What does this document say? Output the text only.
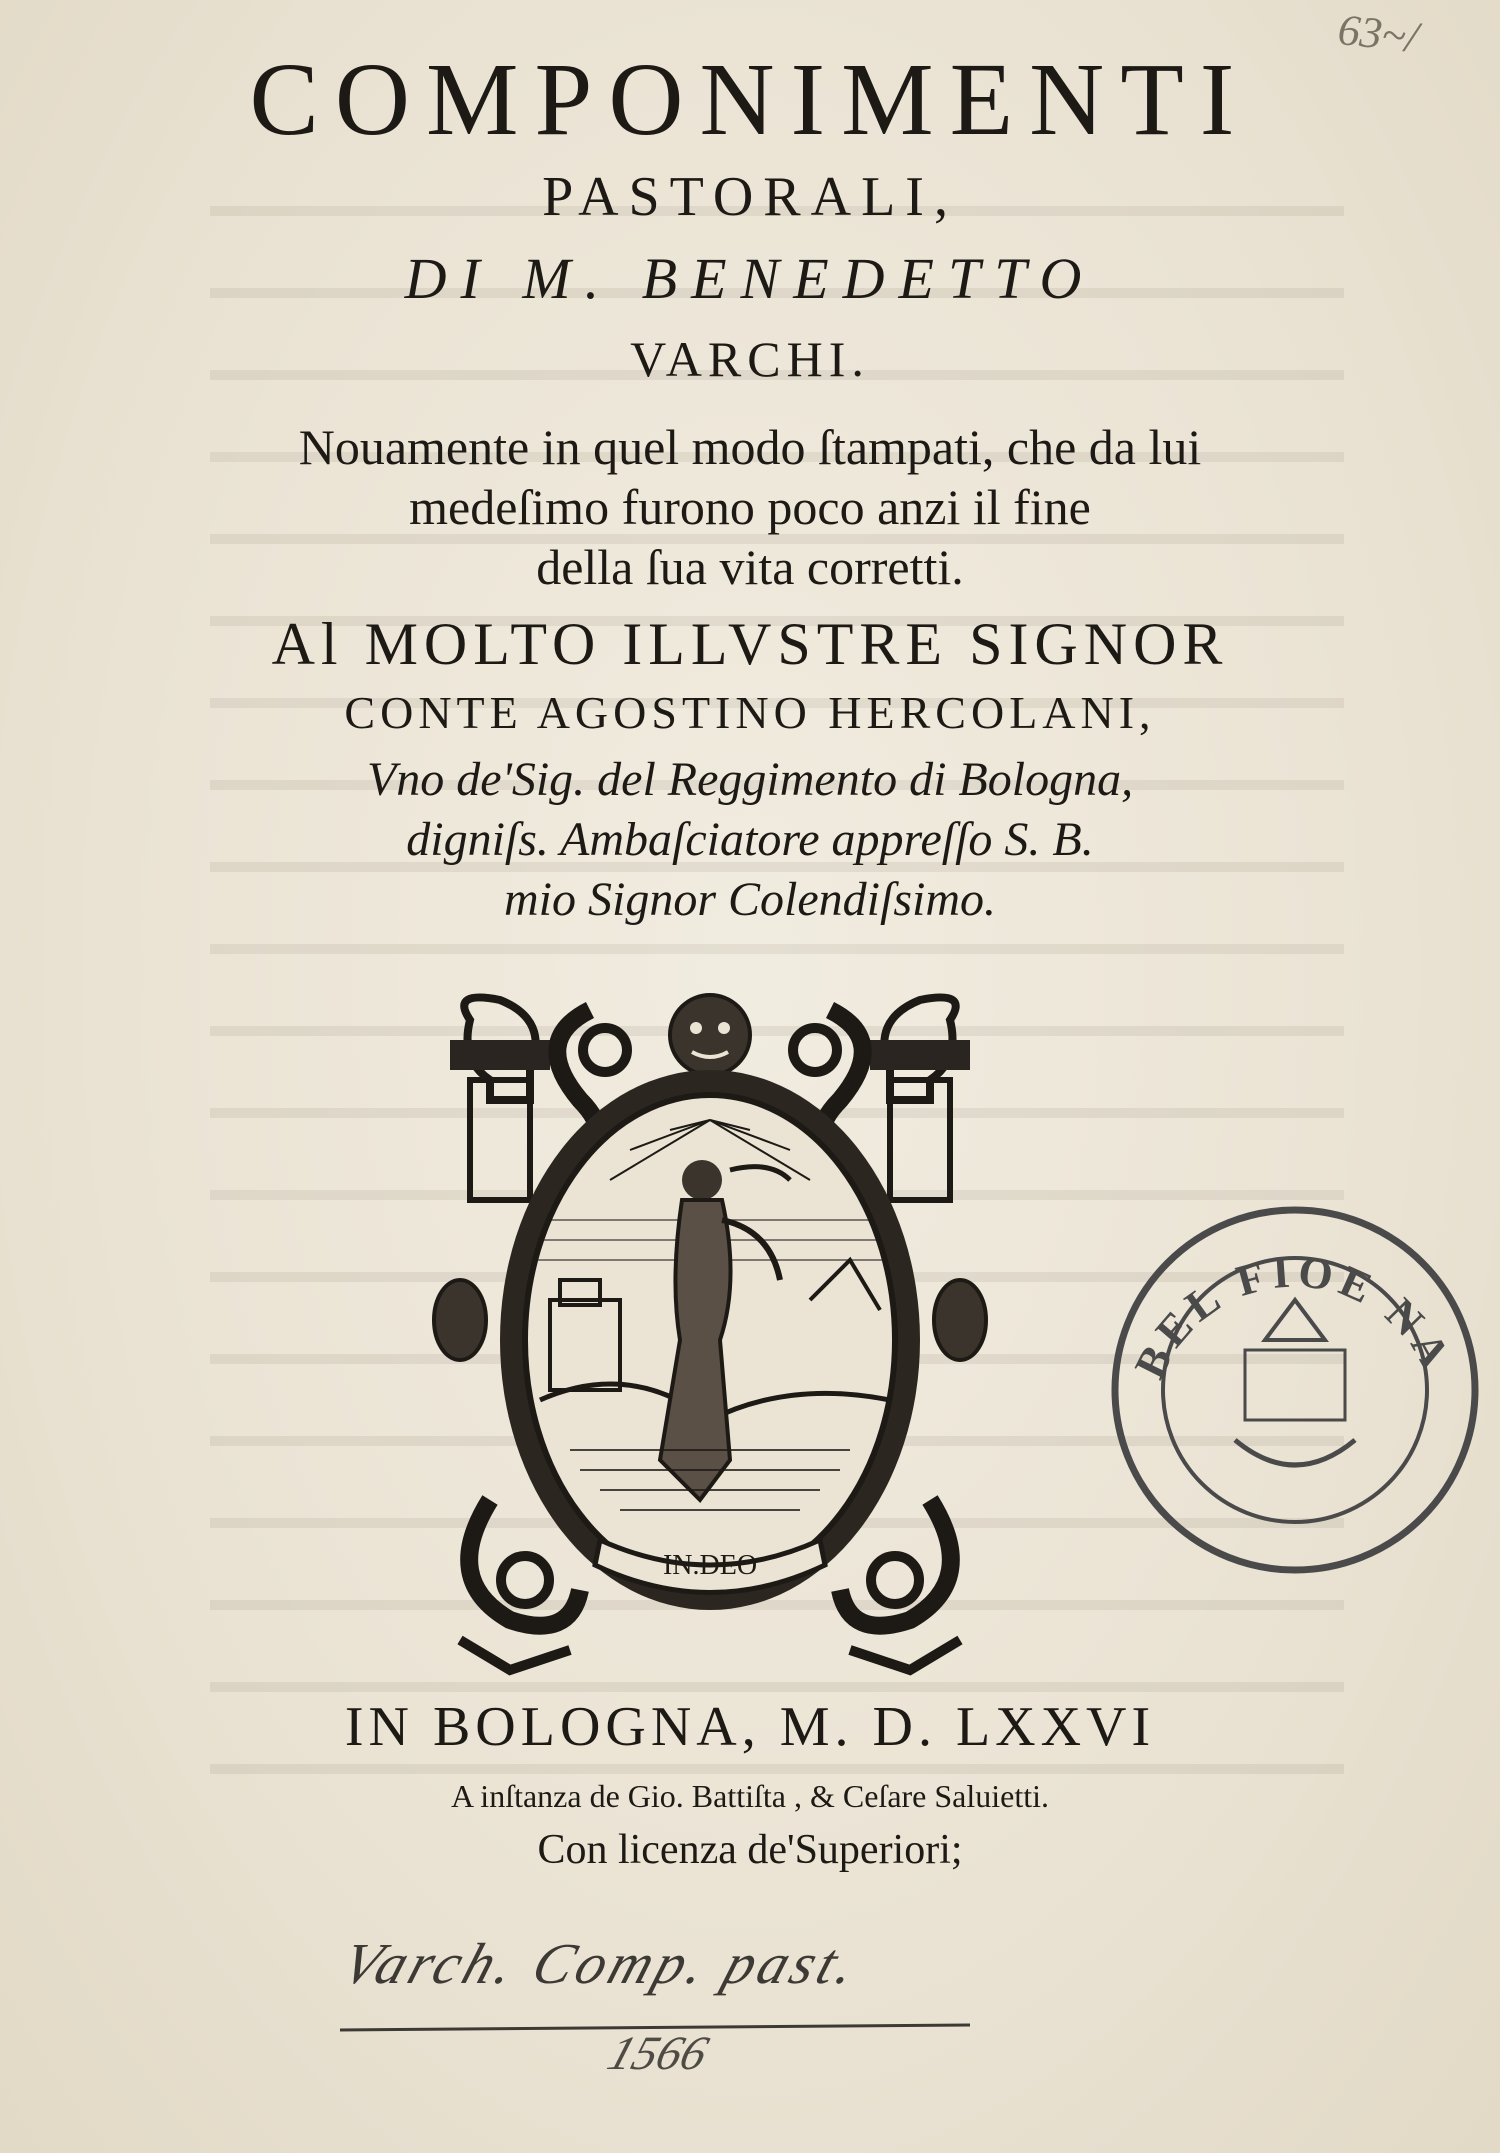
63~/
COMPONIMENTI
PASTORALI,
DI M. BENEDETTO
VARCHI.
Nouamente in quel modo ſtampati, che da lui
medeſimo furono poco anzi il fine
della ſua vita corretti.
Al MOLTO ILLVSTRE SIGNOR
CONTE AGOSTINO HERCOLANI,
Vno de'Sig. del Reggimento di Bologna,
digniſs. Ambaſciatore appreſſo S. B.
mio Signor Colendiſsimo.
IN.DEO
BEL FIOE NA
IN BOLOGNA, M. D. LXXVI
A inſtanza de Gio. Battiſta , & Ceſare Saluietti.
Con licenza de'Superiori;
Varch. Comp. past.
1566
